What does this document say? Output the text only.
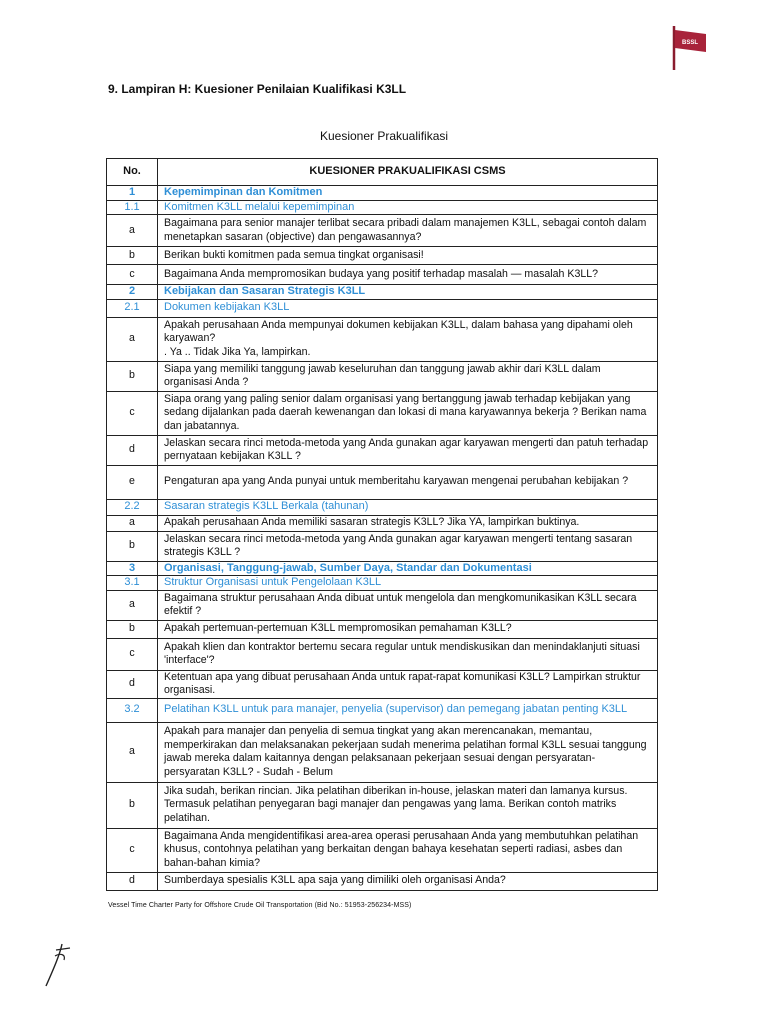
BSSL
9. Lampiran H: Kuesioner Penilaian Kualifikasi K3LL
Kuesioner Prakualifikasi
No.	KUESIONER PRAKUALIFIKASI CSMS
1	Kepemimpinan dan Komitmen
1.1	Komitmen K3LL melalui kepemimpinan
a	Bagaimana para senior manajer terlibat secara pribadi dalam manajemen K3LL, sebagai contoh dalam menetapkan sasaran (objective) dan pengawasannya?
b	Berikan bukti komitmen pada semua tingkat organisasi!
c	Bagaimana Anda mempromosikan budaya yang positif terhadap masalah — masalah K3LL?
2	Kebijakan dan Sasaran Strategis K3LL
2.1	Dokumen kebijakan K3LL
a	Apakah perusahaan Anda mempunyai dokumen kebijakan K3LL, dalam bahasa yang dipahami oleh karyawan?
. Ya .. Tidak Jika Ya, lampirkan.
b	Siapa yang memiliki tanggung jawab keseluruhan dan tanggung jawab akhir dari K3LL dalam organisasi Anda ?
c	Siapa orang yang paling senior dalam organisasi yang bertanggung jawab terhadap kebijakan yang sedang dijalankan pada daerah kewenangan dan lokasi di mana karyawannya bekerja ? Berikan nama dan jabatannya.
d	Jelaskan secara rinci metoda-metoda yang Anda gunakan agar karyawan mengerti dan patuh terhadap pernyataan kebijakan K3LL ?
e	Pengaturan apa yang Anda punyai untuk memberitahu karyawan mengenai perubahan kebijakan ?
2.2	Sasaran strategis K3LL Berkala (tahunan)
a	Apakah perusahaan Anda memiliki sasaran strategis K3LL? Jika YA, lampirkan buktinya.
b	Jelaskan secara rinci metoda-metoda yang Anda gunakan agar karyawan mengerti tentang sasaran strategis K3LL ?
3	Organisasi, Tanggung-jawab, Sumber Daya, Standar dan Dokumentasi
3.1	Struktur Organisasi untuk Pengelolaan K3LL
a	Bagaimana struktur perusahaan Anda dibuat untuk mengelola dan mengkomunikasikan K3LL secara efektif ?
b	Apakah pertemuan-pertemuan K3LL mempromosikan pemahaman K3LL?
c	Apakah klien dan kontraktor bertemu secara regular untuk mendiskusikan dan menindaklanjuti situasi 'interface'?
d	Ketentuan apa yang dibuat perusahaan Anda untuk rapat-rapat komunikasi K3LL? Lampirkan struktur organisasi.
3.2	Pelatihan K3LL untuk para manajer, penyelia (supervisor) dan pemegang jabatan penting K3LL
a	Apakah para manajer dan penyelia di semua tingkat yang akan merencanakan, memantau, memperkirakan dan melaksanakan pekerjaan sudah menerima pelatihan formal K3LL sesuai tanggung jawab mereka dalam kaitannya dengan pelaksanaan pekerjaan sesuai dengan persyaratan-persyaratan K3LL? - Sudah - Belum
b	Jika sudah, berikan rincian. Jika pelatihan diberikan in-house, jelaskan materi dan lamanya kursus. Termasuk pelatihan penyegaran bagi manajer dan pengawas yang lama. Berikan contoh matriks pelatihan.
c	Bagaimana Anda mengidentifikasi area-area operasi perusahaan Anda yang membutuhkan pelatihan khusus, contohnya pelatihan yang berkaitan dengan bahaya kesehatan seperti radiasi, asbes dan bahan-bahan kimia?
d	Sumberdaya spesialis K3LL apa saja yang dimiliki oleh organisasi Anda?
Vessel Time Charter Party for Offshore Crude Oil Transportation (Bid No.: 51953-256234-MSS)
